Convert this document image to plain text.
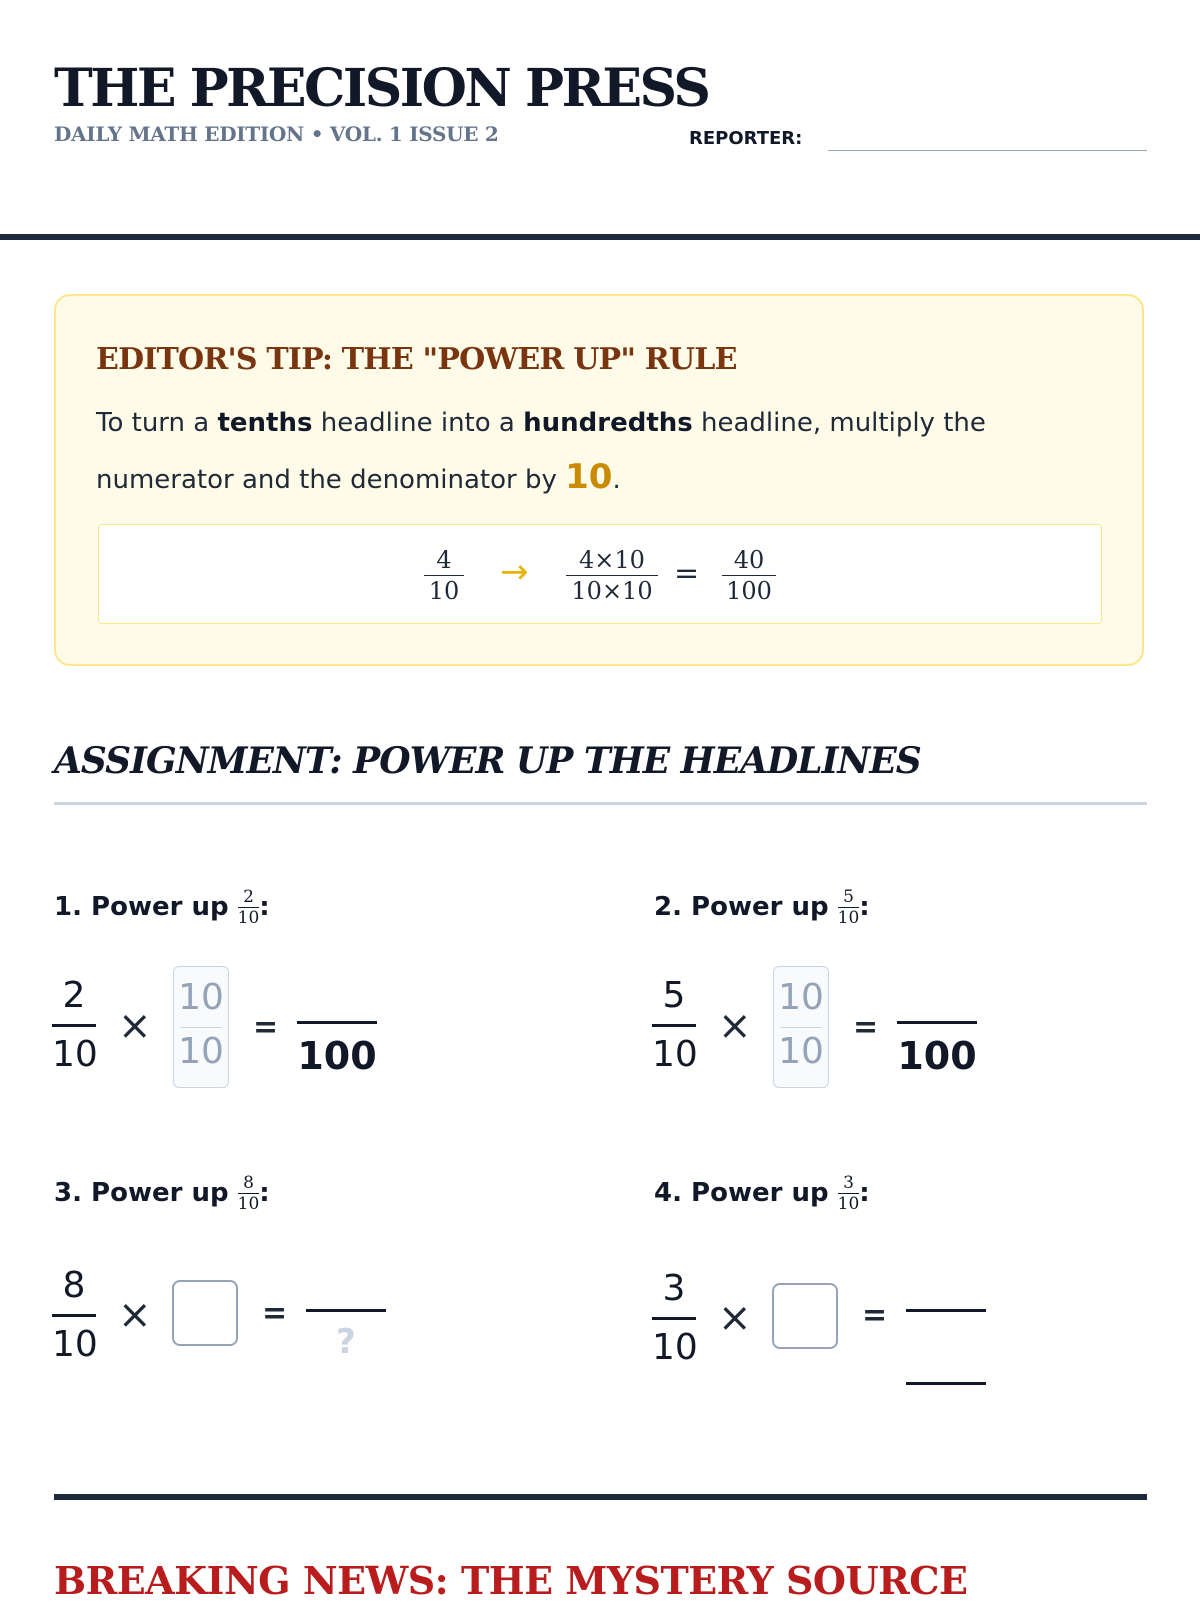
THE PRECISION PRESS
DAILY MATH EDITION • VOL. 1 ISSUE 2	REPORTER:
EDITOR'S TIP: THE "POWER UP" RULE
To turn a tenths headline into a hundredths headline, multiply the numerator and the denominator by 10.
4
10 →	4×10
10×10 =	40
100
ASSIGNMENT: POWER UP THE HEADLINES
1. Power up $\frac{2}{10}$ :
2
10
×
10
10
=
100
2. Power up $\frac{5}{10}$ :
5
10
×
10
10
=
100
3. Power up $\frac{8}{10}$ :
8
10
×	=
?
4. Power up $\frac{3}{10}$ :
3
10
×	=
BREAKING NEWS: THE MYSTERY SOURCE
